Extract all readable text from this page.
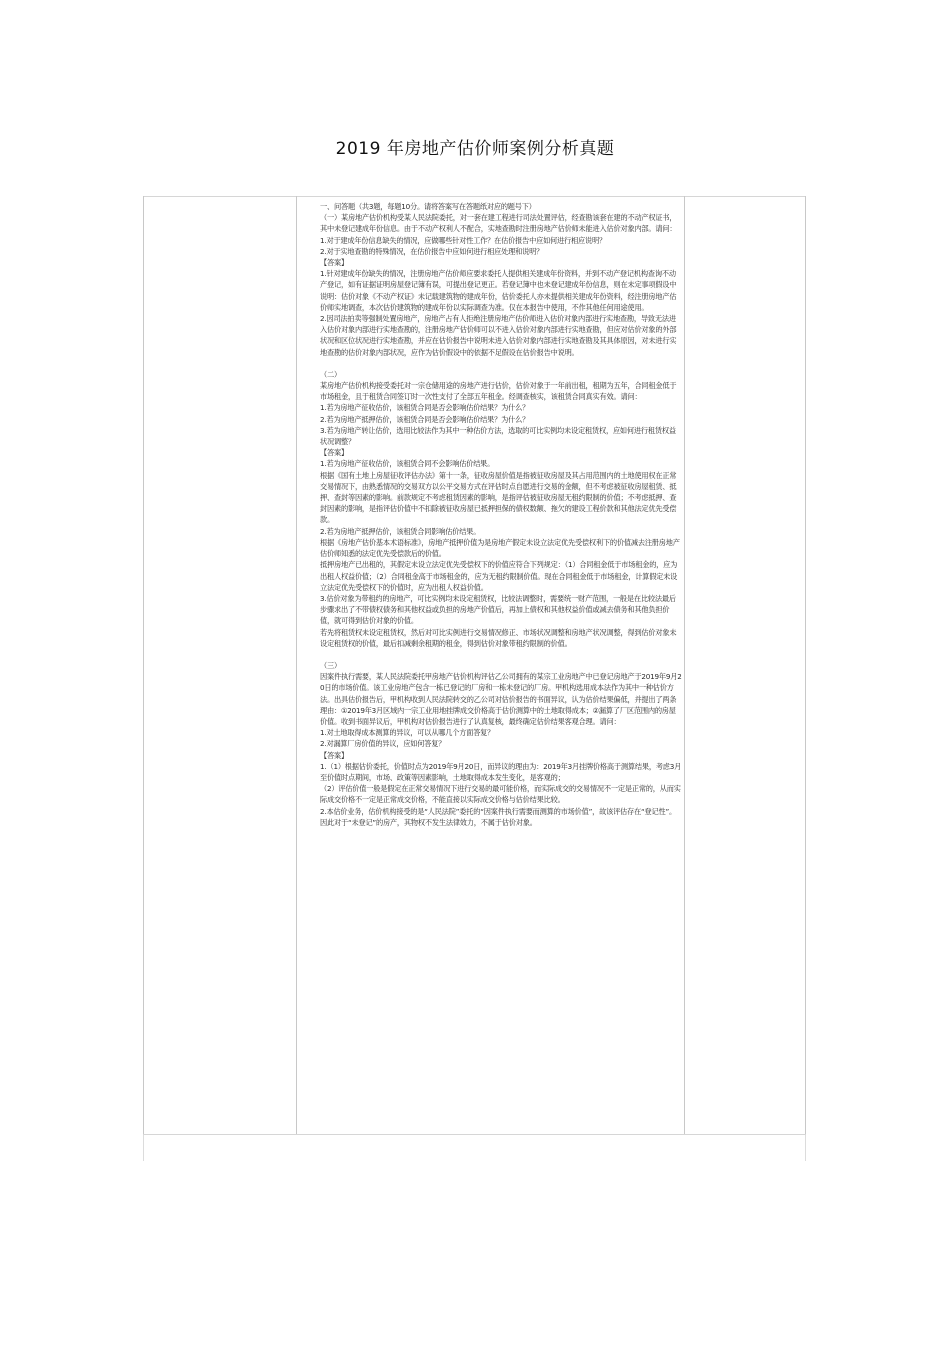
2019 年房地产估价师案例分析真题

一、问答题（共3题，每题10分。请将答案写在答题纸对应的题号下）

（一）某房地产估价机构受某人民法院委托，对一套在建工程进行司法处置评估，经查勘该套在建的不动产权证书，其中未登记建成年份信息。由于不动产权利人不配合，实地查勘时注册房地产估价师未能进入估价对象内部。请问：

1.对于建成年份信息缺失的情况，应做哪些针对性工作？在估价报告中应如何进行相应说明？

2.对于实地查勘的特殊情况，在估价报告中应如何进行相应处理和说明？

【答案】

1.针对建成年份缺失的情况，注册房地产估价师应要求委托人提供相关建成年份资料，并到不动产登记机构查询不动产登记，如有证据证明房屋登记簿有误，可提出登记更正。若登记簿中也未登记建成年份信息，则在未定事项假设中说明：估价对象《不动产权证》未记载建筑物的建成年份，估价委托人亦未提供相关建成年份资料，经注册房地产估价师实地调查，本次估价建筑物的建成年份以实际调查为准。仅在本报告中使用，不作其他任何用途使用。

2.因司法拍卖等强制处置房地产，房地产占有人拒绝注册房地产估价师进入估价对象内部进行实地查勘，导致无法进入估价对象内部进行实地查勘的，注册房地产估价师可以不进入估价对象内部进行实地查勘，但应对估价对象的外部状况和区位状况进行实地查勘，并应在估价报告中说明未进入估价对象内部进行实地查勘及其具体原因，对未进行实地查勘的估价对象内部状况，应作为估价假设中的依据不足假设在估价报告中说明。

（二）

某房地产估价机构接受委托对一宗仓储用途的房地产进行估价，估价对象于一年前出租，租期为五年，合同租金低于市场租金，且于租赁合同签订时一次性支付了全部五年租金。经调查核实，该租赁合同真实有效。请问：

1.若为房地产征收估价，该租赁合同是否会影响估价结果？为什么？

2.若为房地产抵押估价，该租赁合同是否会影响估价结果？为什么？

3.若为房地产转让估价，选用比较法作为其中一种估价方法，选取的可比实例均未设定租赁权，应如何进行租赁权益状况调整？

【答案】

1.若为房地产征收估价，该租赁合同不会影响估价结果。

根据《国有土地上房屋征收评估办法》第十一条，征收房屋价值是指被征收房屋及其占用范围内的土地使用权在正常交易情况下，由熟悉情况的交易双方以公平交易方式在评估时点自愿进行交易的金额，但不考虑被征收房屋租赁、抵押、查封等因素的影响。前款规定不考虑租赁因素的影响，是指评估被征收房屋无租约限制的价值；不考虑抵押、查封因素的影响，是指评估价值中不扣除被征收房屋已抵押担保的债权数额、拖欠的建设工程价款和其他法定优先受偿款。

2.若为房地产抵押估价，该租赁合同影响估价结果。

根据《房地产估价基本术语标准》，房地产抵押价值为是房地产假定未设立法定优先受偿权利下的价值减去注册房地产估价师知悉的法定优先受偿款后的价值。

抵押房地产已出租的，其假定未设立法定优先受偿权下的价值应符合下列规定：（1）合同租金低于市场租金的，应为出租人权益价值；（2）合同租金高于市场租金的，应为无租约限制价值。现在合同租金低于市场租金，计算假定未设立法定优先受偿权下的价值时，应为出租人权益价值。

3.估价对象为带租约的房地产，可比实例均未设定租赁权，比较法调整时，需要统一财产范围，一般是在比较法最后步骤求出了不带债权债务和其他权益或负担的房地产价值后，再加上债权和其他权益价值或减去债务和其他负担价值，就可得到估价对象的价值。

若先将租赁权未设定租赁权，然后对可比实例进行交易情况修正、市场状况调整和房地产状况调整，得到估价对象未设定租赁权的价值，最后扣减剩余租期的租金，得到估价对象带租约限制的价值。

（三）

因案件执行需要，某人民法院委托甲房地产估价机构评估乙公司拥有的某宗工业房地产中已登记房地产于2019年9月20日的市场价值。该工业房地产包含一栋已登记的厂房和一栋未登记的厂房。甲机构选用成本法作为其中一种估价方法。出具估价报告后，甲机构收到人民法院转交的乙公司对估价报告的书面异议，认为估价结果偏低，并提出了两条理由：①2019年3月区域内一宗工业用地挂牌成交价格高于估价测算中的土地取得成本；②漏算了厂区范围内的房屋价值。收到书面异议后，甲机构对估价报告进行了认真复核，最终确定估价结果客观合理。请问：

1.对土地取得成本测算的异议，可以从哪几个方面答复？

2.对漏算厂房价值的异议，应如何答复？

【答案】

1.（1）根据估价委托，价值时点为2019年9月20日，而异议的理由为：2019年3月挂牌价格高于测算结果，考虑3月至价值时点期间，市场、政策等因素影响，土地取得成本发生变化，是客观的；

（2）评估价值一般是假定在正常交易情况下进行交易的最可能价格，而实际成交的交易情况不一定是正常的，从而实际成交价格不一定是正常成交价格，不能直接以实际成交价格与估价结果比较。

2.本估价业务，估价机构接受的是“人民法院”委托的“因案件执行需要而测算的市场价值”，故该评估存在“登记性”。因此对于“未登记”的房产，其物权不发生法律效力，不属于估价对象。
